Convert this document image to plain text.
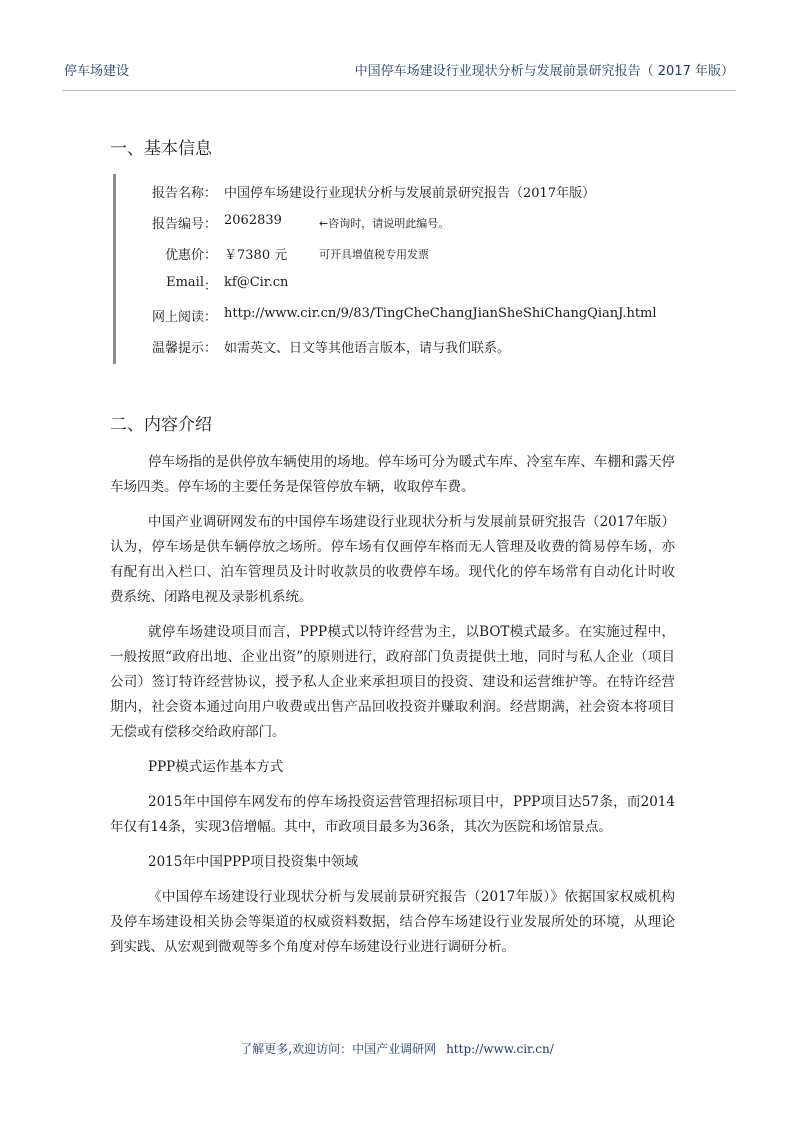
停车场建设	中国停车场建设行业现状分析与发展前景研究报告（ 2017 年版）
一、基本信息
报告名称 ： 中国停车场建设行业现状分析与发展前景研究报告（2017年版）
报告编号 ： 2062839	←咨询时，请说明此编号。
优惠价 ： ￥7380 元	可开具增值税专用发票
Email ： kf@Cir.cn
网上阅读 ： http://www.cir.cn/9/83/TingCheChangJianSheShiChangQianJ.html
温馨提示 ： 如需英文、日文等其他语言版本，请与我们联系。
二、内容介绍

停车场指的是供停放车辆使用的场地。停车场可分为暖式车库、冷室车库、车棚和露天停车场四类。停车场的主要任务是保管停放车辆，收取停车费。

中国产业调研网发布的中国停车场建设行业现状分析与发展前景研究报告（2017年版）认为，停车场是供车辆停放之场所。停车场有仅画停车格而无人管理及收费的简易停车场，亦有配有出入栏口、泊车管理员及计时收款员的收费停车场。现代化的停车场常有自动化计时收费系统、闭路电视及录影机系统。

就停车场建设项目而言，PPP模式以特许经营为主，以BOT模式最多。在实施过程中，一般按照“政府出地、企业出资”的原则进行，政府部门负责提供土地，同时与私人企业（项目公司）签订特许经营协议，授予私人企业来承担项目的投资、建设和运营维护等。在特许经营期内，社会资本通过向用户收费或出售产品回收投资并赚取利润。经营期满，社会资本将项目无偿或有偿移交给政府部门。

PPP模式运作基本方式

2015年中国停车网发布的停车场投资运营管理招标项目中，PPP项目达57条，而2014年仅有14条，实现3倍增幅。其中，市政项目最多为36条，其次为医院和场馆景点。

2015年中国PPP项目投资集中领域

《中国停车场建设行业现状分析与发展前景研究报告（2017年版）》依据国家权威机构及停车场建设相关协会等渠道的权威资料数据，结合停车场建设行业发展所处的环境，从理论到实践、从宏观到微观等多个角度对停车场建设行业进行调研分析。

了解更多,欢迎访问：中国产业调研网 http://www.cir.cn/
